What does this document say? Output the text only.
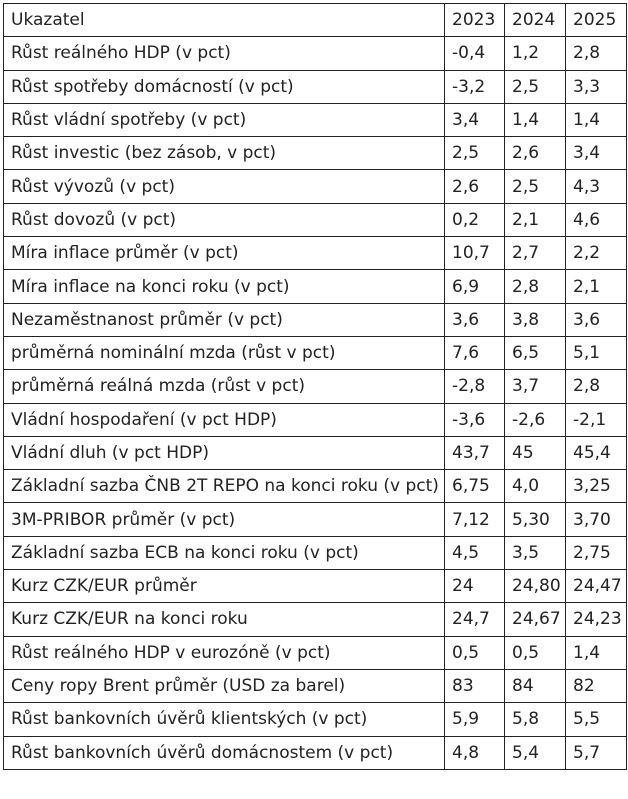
Ukazatel	2023	2024	2025
Růst reálného HDP (v pct)	-0,4	1,2	2,8
Růst spotřeby domácností (v pct)	-3,2	2,5	3,3
Růst vládní spotřeby (v pct)	3,4	1,4	1,4
Růst investic (bez zásob, v pct)	2,5	2,6	3,4
Růst vývozů (v pct)	2,6	2,5	4,3
Růst dovozů (v pct)	0,2	2,1	4,6
Míra inflace průměr (v pct)	10,7	2,7	2,2
Míra inflace na konci roku (v pct)	6,9	2,8	2,1
Nezaměstnanost průměr (v pct)	3,6	3,8	3,6
průměrná nominální mzda (růst v pct)	7,6	6,5	5,1
průměrná reálná mzda (růst v pct)	-2,8	3,7	2,8
Vládní hospodaření (v pct HDP)	-3,6	-2,6	-2,1
Vládní dluh (v pct HDP)	43,7	45	45,4
Základní sazba ČNB 2T REPO na konci roku (v pct)	6,75	4,0	3,25
3M-PRIBOR průměr (v pct)	7,12	5,30	3,70
Základní sazba ECB na konci roku (v pct)	4,5	3,5	2,75
Kurz CZK/EUR průměr	24	24,80	24,47
Kurz CZK/EUR na konci roku	24,7	24,67	24,23
Růst reálného HDP v eurozóně (v pct)	0,5	0,5	1,4
Ceny ropy Brent průměr (USD za barel)	83	84	82
Růst bankovních úvěrů klientských (v pct)	5,9	5,8	5,5
Růst bankovních úvěrů domácnostem (v pct)	4,8	5,4	5,7
